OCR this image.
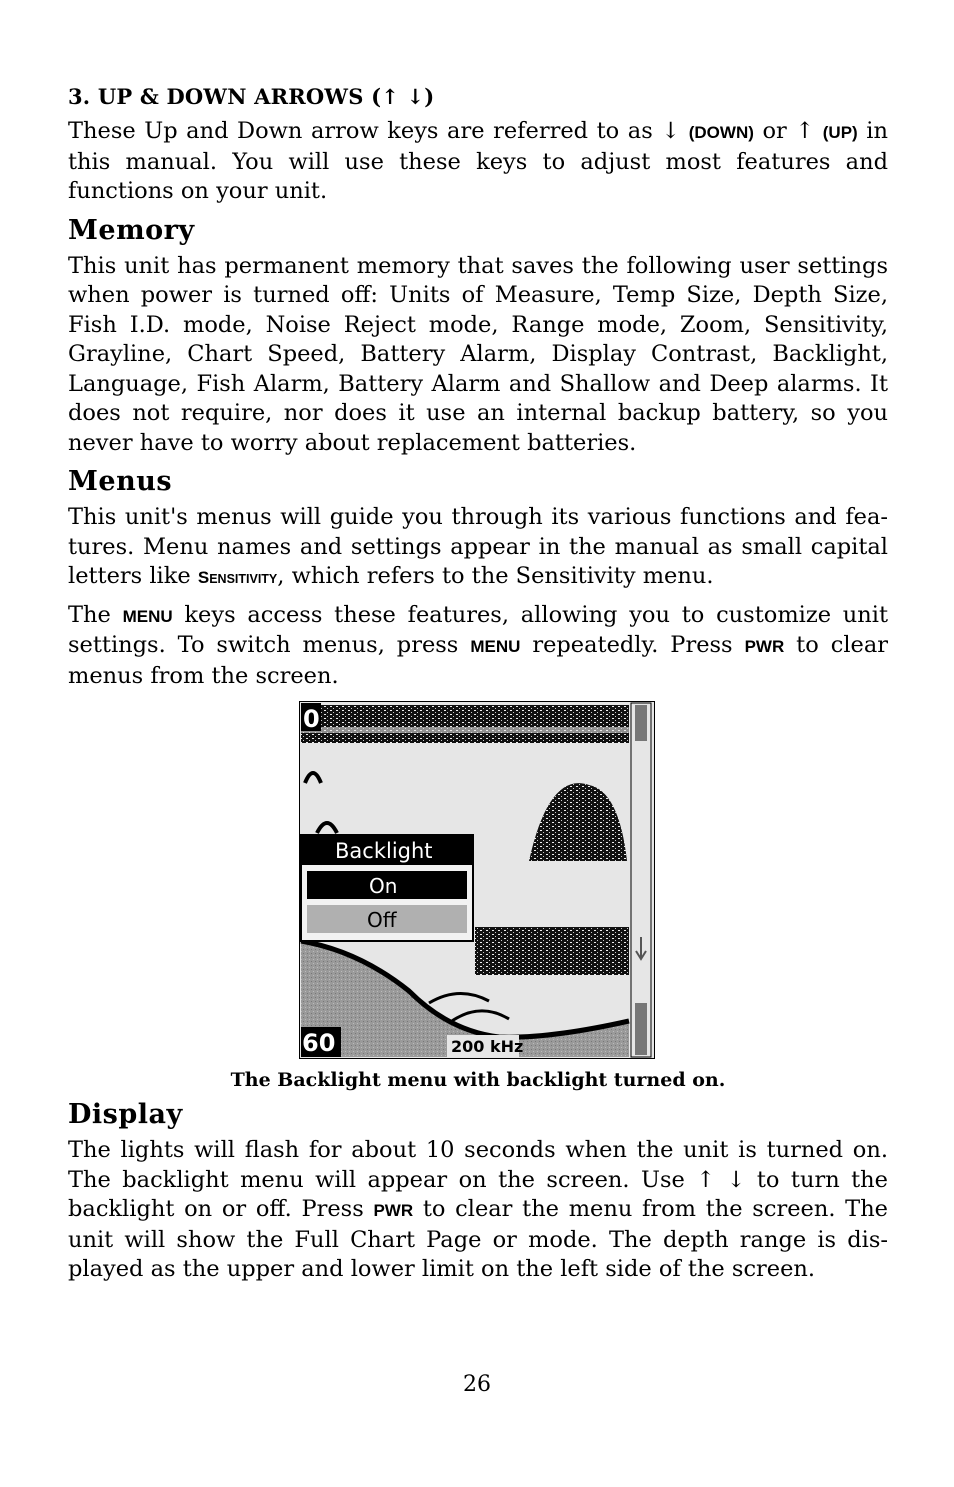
3. UP & DOWN ARROWS (↑ ↓)

These Up and Down arrow keys are referred to as ↓ (DOWN) or ↑ (UP) in this manual. You will use these keys to adjust most features and functions on your unit.

Memory

This unit has permanent memory that saves the following user settings when power is turned off: Units of Measure, Temp Size, Depth Size, Fish I.D. mode, Noise Reject mode, Range mode, Zoom, Sensitivity, Grayline, Chart Speed, Battery Alarm, Display Contrast, Backlight, Language, Fish Alarm, Battery Alarm and Shallow and Deep alarms. It does not require, nor does it use an internal backup battery, so you never have to worry about replacement batteries.

Menus

This unit's menus will guide you through its various functions and features. Menu names and settings appear in the manual as small capital letters like SENSITIVITY, which refers to the Sensitivity menu.

The MENU keys access these features, allowing you to customize unit settings. To switch menus, press MENU repeatedly. Press PWR to clear menus from the screen.

0
60	200 kHz
Backlight
On
Off
The Backlight menu with backlight turned on.
Display

The lights will flash for about 10 seconds when the unit is turned on. The backlight menu will appear on the screen. Use ↑ ↓ to turn the backlight on or off. Press PWR to clear the menu from the screen. The unit will show the Full Chart Page or mode. The depth range is displayed as the upper and lower limit on the left side of the screen.

26
